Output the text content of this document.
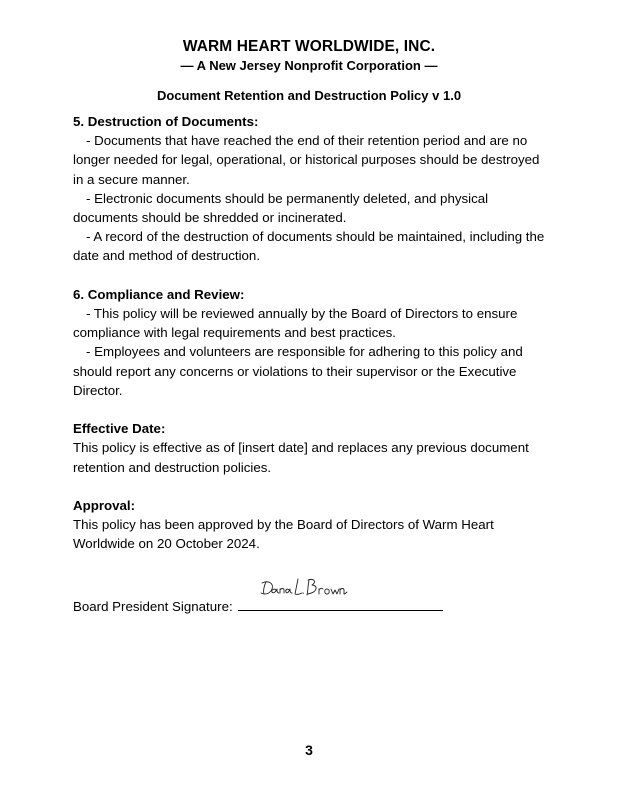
WARM HEART WORLDWIDE, INC.
— A New Jersey Nonprofit Corporation —
Document Retention and Destruction Policy v 1.0
5. Destruction of Documents:

- Documents that have reached the end of their retention period and are no longer needed for legal, operational, or historical purposes should be destroyed in a secure manner.

- Electronic documents should be permanently deleted, and physical documents should be shredded or incinerated.

- A record of the destruction of documents should be maintained, including the date and method of destruction.

6. Compliance and Review:

- This policy will be reviewed annually by the Board of Directors to ensure compliance with legal requirements and best practices.

- Employees and volunteers are responsible for adhering to this policy and should report any concerns or violations to their supervisor or the Executive Director.

Effective Date:

This policy is effective as of [insert date] and replaces any previous document retention and destruction policies.

Approval:

This policy has been approved by the Board of Directors of Warm Heart Worldwide on 20 October 2024.

Board President Signature:
3
